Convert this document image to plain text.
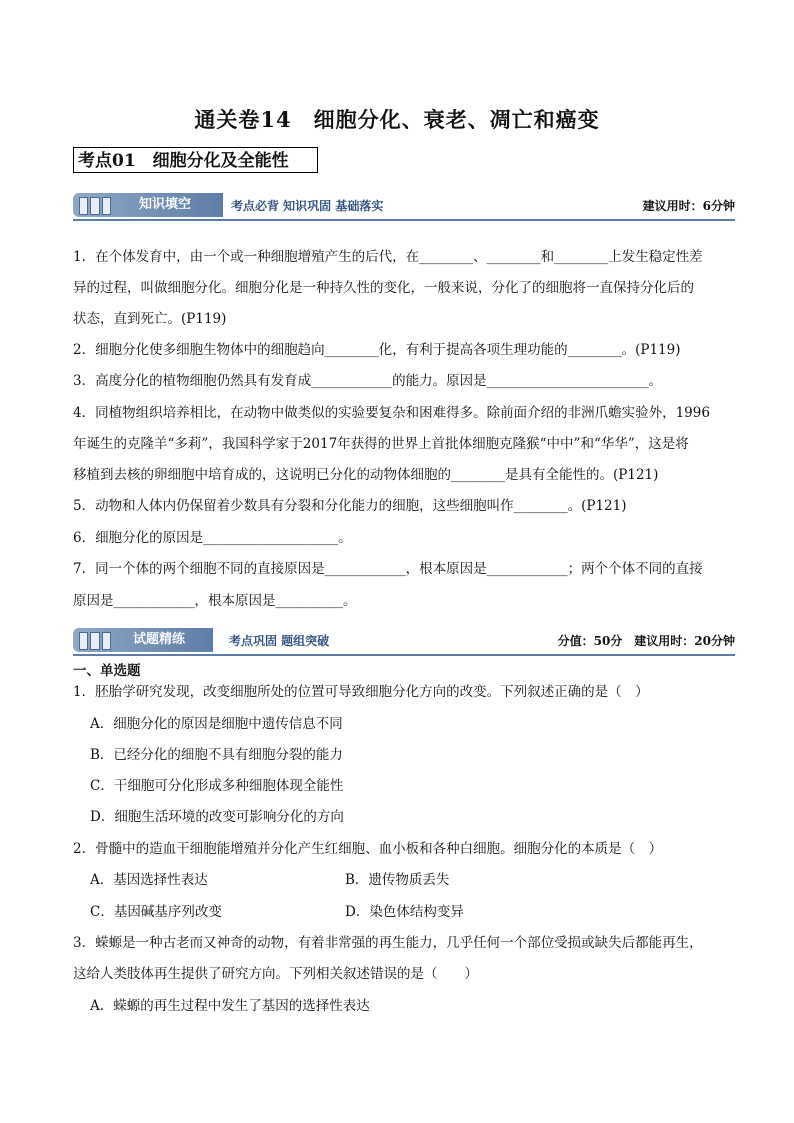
通关卷14　细胞分化、衰老、凋亡和癌变
考点01　细胞分化及全能性
知识填空	考点必背 知识巩固 基础落实	建议用时：6分钟
1．在个体发育中，由一个或一种细胞增殖产生的后代，在________、________和________上发生稳定性差
异的过程，叫做细胞分化。细胞分化是一种持久性的变化，一般来说，分化了的细胞将一直保持分化后的
状态，直到死亡。(P119)
2．细胞分化使多细胞生物体中的细胞趋向________化，有利于提高各项生理功能的________。(P119)
3．高度分化的植物细胞仍然具有发育成____________的能力。原因是________________________。
4．同植物组织培养相比，在动物中做类似的实验要复杂和困难得多。除前面介绍的非洲爪蟾实验外，1996
年诞生的克隆羊“多莉”，我国科学家于2017年获得的世界上首批体细胞克隆猴“中中”和“华华”，这是将
移植到去核的卵细胞中培育成的，这说明已分化的动物体细胞的________是具有全能性的。(P121)
5．动物和人体内仍保留着少数具有分裂和分化能力的细胞，这些细胞叫作________。(P121)
6．细胞分化的原因是____________________。
7．同一个体的两个细胞不同的直接原因是____________，根本原因是____________；两个个体不同的直接
原因是____________，根本原因是__________。
试题精练	考点巩固 题组突破	分值：50分　建议用时：20分钟
一、单选题
1．胚胎学研究发现，改变细胞所处的位置可导致细胞分化方向的改变。下列叙述正确的是（　）
A．细胞分化的原因是细胞中遗传信息不同
B．已经分化的细胞不具有细胞分裂的能力
C．干细胞可分化形成多种细胞体现全能性
D．细胞生活环境的改变可影响分化的方向
2．骨髓中的造血干细胞能增殖并分化产生红细胞、血小板和各种白细胞。细胞分化的本质是（　）
A．基因选择性表达	B．遗传物质丢失
C．基因碱基序列改变	D．染色体结构变异
3．蝾螈是一种古老而又神奇的动物，有着非常强的再生能力，几乎任何一个部位受损或缺失后都能再生，
这给人类肢体再生提供了研究方向。下列相关叙述错误的是（　　）
A．蝾螈的再生过程中发生了基因的选择性表达
